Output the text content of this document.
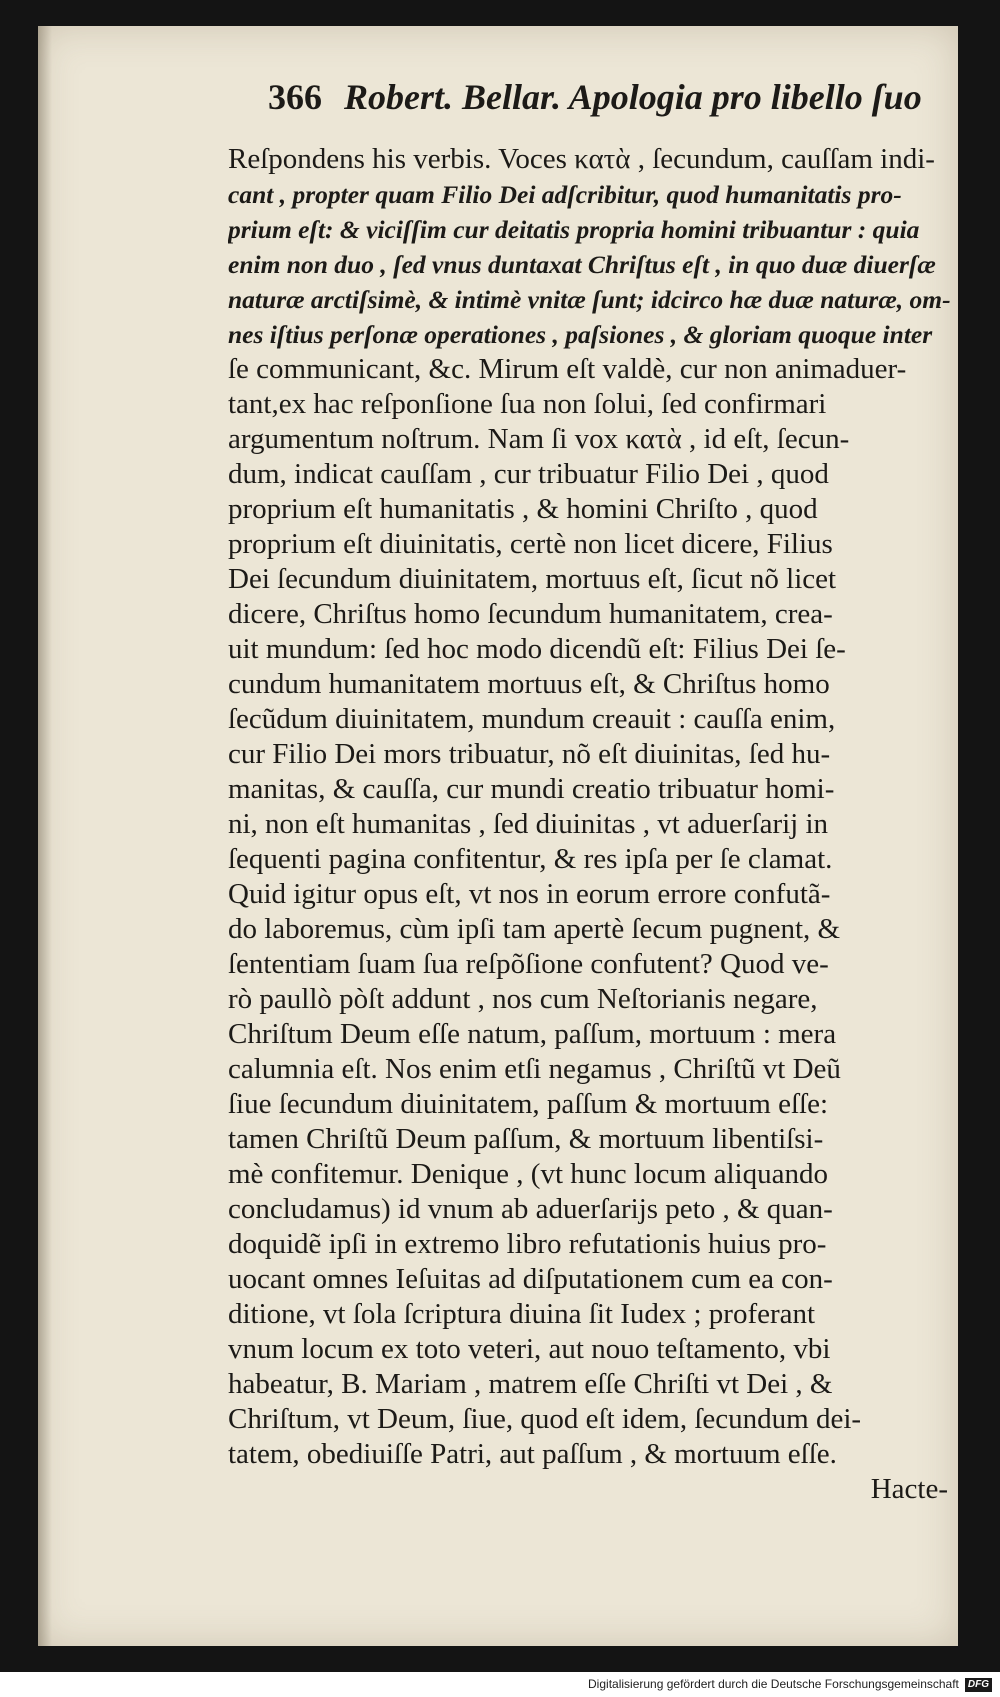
366 Robert. Bellar. Apologia pro libello ſuo
Reſpondens his verbis. Voces κατὰ , ſecundum, cauſſam indi-
cant , propter quam Filio Dei adſcribitur, quod humanitatis pro-
prium eſt: & viciſſim cur deitatis propria homini tribuantur : quia
enim non duo , ſed vnus duntaxat Chriſtus eſt , in quo duæ diuerſæ
naturæ arctiſsimè, & intimè vnitæ ſunt; idcirco hæ duæ naturæ, om-
nes iſtius perſonæ operationes , paſsiones , & gloriam quoque inter
ſe communicant, &c. Mirum eſt valdè, cur non animaduer-
tant,ex hac reſponſione ſua non ſolui, ſed confirmari
argumentum noſtrum. Nam ſi vox κατὰ , id eſt, ſecun-
dum, indicat cauſſam , cur tribuatur Filio Dei , quod
proprium eſt humanitatis , & homini Chriſto , quod
proprium eſt diuinitatis, certè non licet dicere, Filius
Dei ſecundum diuinitatem, mortuus eſt, ſicut nõ licet
dicere, Chriſtus homo ſecundum humanitatem, crea-
uit mundum: ſed hoc modo dicendũ eſt: Filius Dei ſe-
cundum humanitatem mortuus eſt, & Chriſtus homo
ſecũdum diuinitatem, mundum creauit : cauſſa enim,
cur Filio Dei mors tribuatur, nõ eſt diuinitas, ſed hu-
manitas, & cauſſa, cur mundi creatio tribuatur homi-
ni, non eſt humanitas , ſed diuinitas , vt aduerſarij in
ſequenti pagina confitentur, & res ipſa per ſe clamat.
Quid igitur opus eſt, vt nos in eorum errore confutã-
do laboremus, cùm ipſi tam apertè ſecum pugnent, &
ſententiam ſuam ſua reſpõſione confutent? Quod ve-
rò paullò pòſt addunt , nos cum Neſtorianis negare,
Chriſtum Deum eſſe natum, paſſum, mortuum : mera
calumnia eſt. Nos enim etſi negamus , Chriſtũ vt Deũ
ſiue ſecundum diuinitatem, paſſum & mortuum eſſe:
tamen Chriſtũ Deum paſſum, & mortuum libentiſsi-
mè confitemur. Denique , (vt hunc locum aliquando
concludamus) id vnum ab aduerſarijs peto , & quan-
doquidẽ ipſi in extremo libro refutationis huius pro-
uocant omnes Ieſuitas ad diſputationem cum ea con-
ditione, vt ſola ſcriptura diuina ſit Iudex ; proferant
vnum locum ex toto veteri, aut nouo teſtamento, vbi
habeatur, B. Mariam , matrem eſſe Chriſti vt Dei , &
Chriſtum, vt Deum, ſiue, quod eſt idem, ſecundum dei-
tatem, obediuiſſe Patri, aut paſſum , & mortuum eſſe.
Hacte-
Digitalisierung gefördert durch die Deutsche Forschungsgemeinschaft DFG
